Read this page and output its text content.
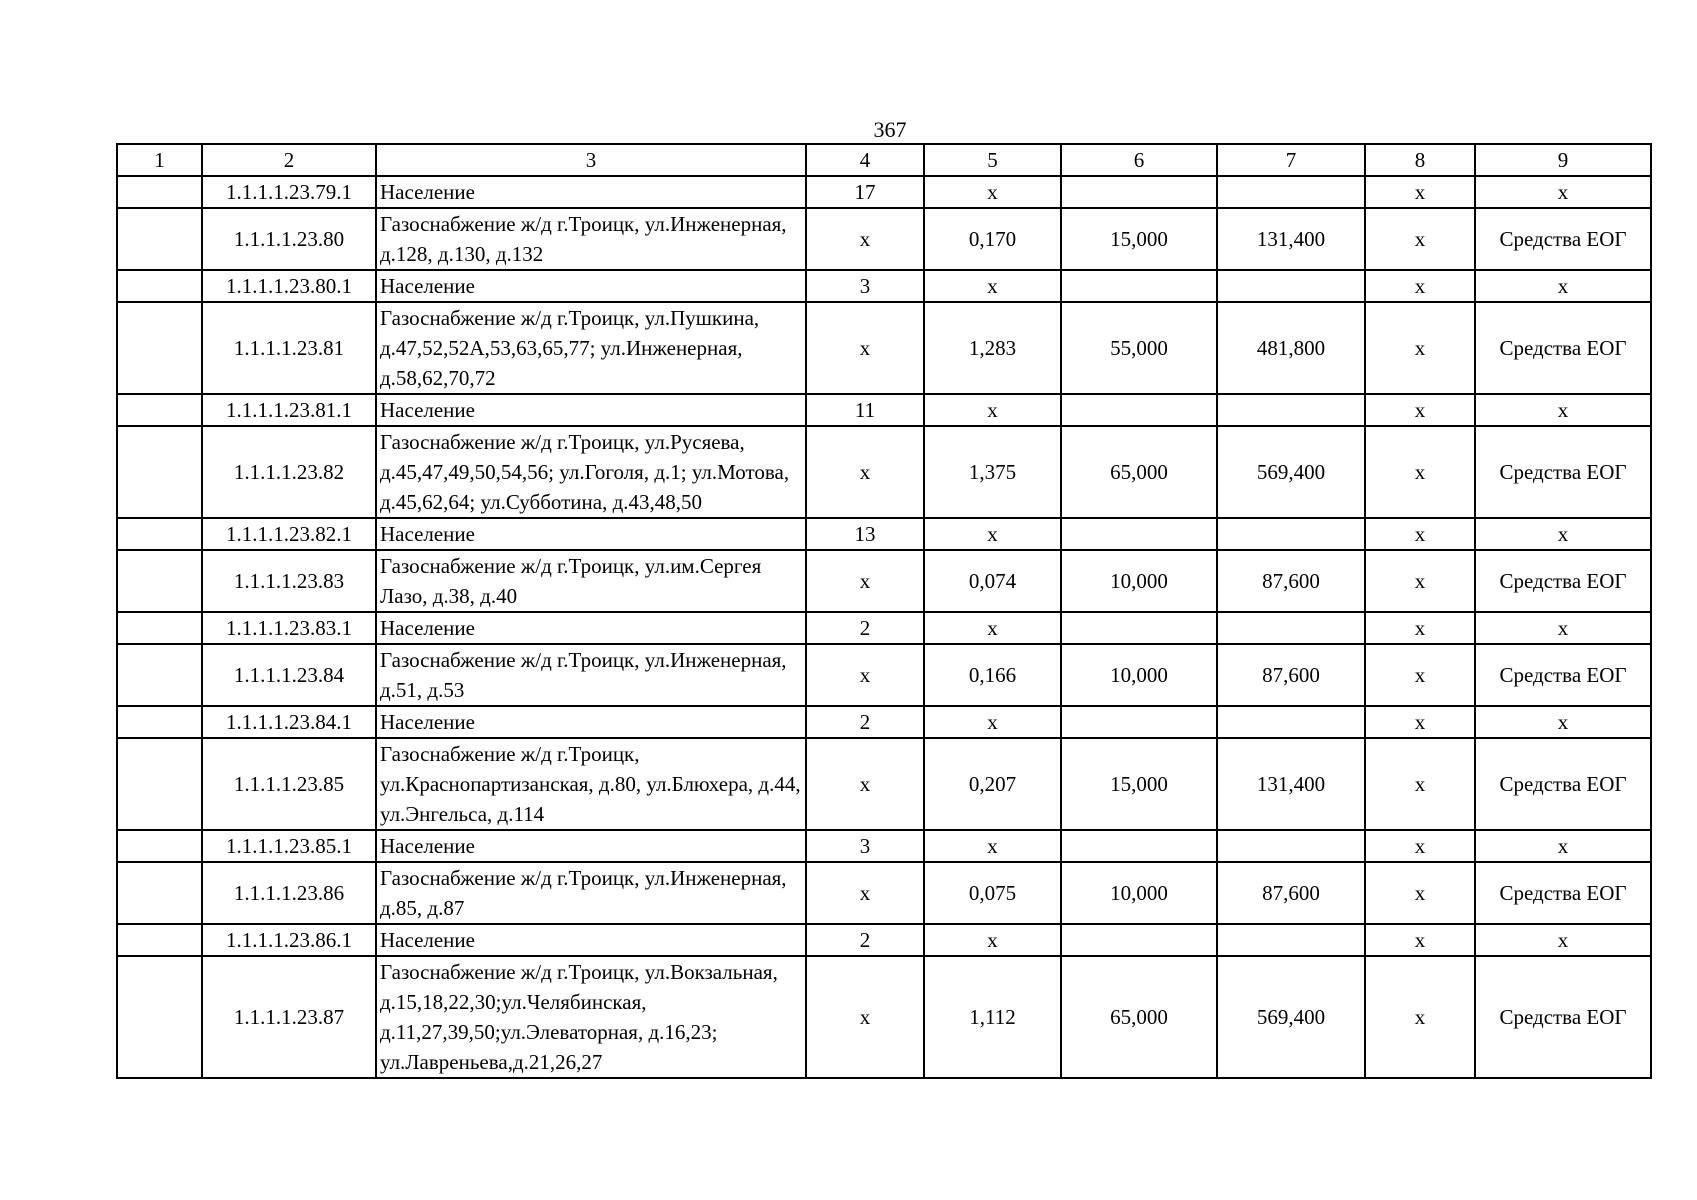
367
1	2	3	4	5	6	7	8	9
	1.1.1.1.23.79.1	Население	17	х			х	х
	1.1.1.1.23.80	Газоснабжение ж/д г.Троицк, ул.Инженерная, д.128, д.130, д.132	х	0,170	15,000	131,400	х	Средства ЕОГ
	1.1.1.1.23.80.1	Население	3	х			х	х
	1.1.1.1.23.81	Газоснабжение ж/д г.Троицк, ул.Пушкина, д.47,52,52А,53,63,65,77; ул.Инженерная, д.58,62,70,72	х	1,283	55,000	481,800	х	Средства ЕОГ
	1.1.1.1.23.81.1	Население	11	х			х	х
	1.1.1.1.23.82	Газоснабжение ж/д г.Троицк, ул.Русяева, д.45,47,49,50,54,56; ул.Гоголя, д.1; ул.Мотова, д.45,62,64; ул.Субботина, д.43,48,50	х	1,375	65,000	569,400	х	Средства ЕОГ
	1.1.1.1.23.82.1	Население	13	х			х	х
	1.1.1.1.23.83	Газоснабжение ж/д г.Троицк, ул.им.Сергея Лазо, д.38, д.40	х	0,074	10,000	87,600	х	Средства ЕОГ
	1.1.1.1.23.83.1	Население	2	х			х	х
	1.1.1.1.23.84	Газоснабжение ж/д г.Троицк, ул.Инженерная, д.51, д.53	х	0,166	10,000	87,600	х	Средства ЕОГ
	1.1.1.1.23.84.1	Население	2	х			х	х
	1.1.1.1.23.85	Газоснабжение ж/д г.Троицк, ул.Краснопартизанская, д.80, ул.Блюхера, д.44, ул.Энгельса, д.114	х	0,207	15,000	131,400	х	Средства ЕОГ
	1.1.1.1.23.85.1	Население	3	х			х	х
	1.1.1.1.23.86	Газоснабжение ж/д г.Троицк, ул.Инженерная, д.85, д.87	х	0,075	10,000	87,600	х	Средства ЕОГ
	1.1.1.1.23.86.1	Население	2	х			х	х
	1.1.1.1.23.87	Газоснабжение ж/д г.Троицк, ул.Вокзальная, д.15,18,22,30;ул.Челябинская, д.11,27,39,50;ул.Элеваторная, д.16,23; ул.Лавреньева,д.21,26,27	х	1,112	65,000	569,400	х	Средства ЕОГ
